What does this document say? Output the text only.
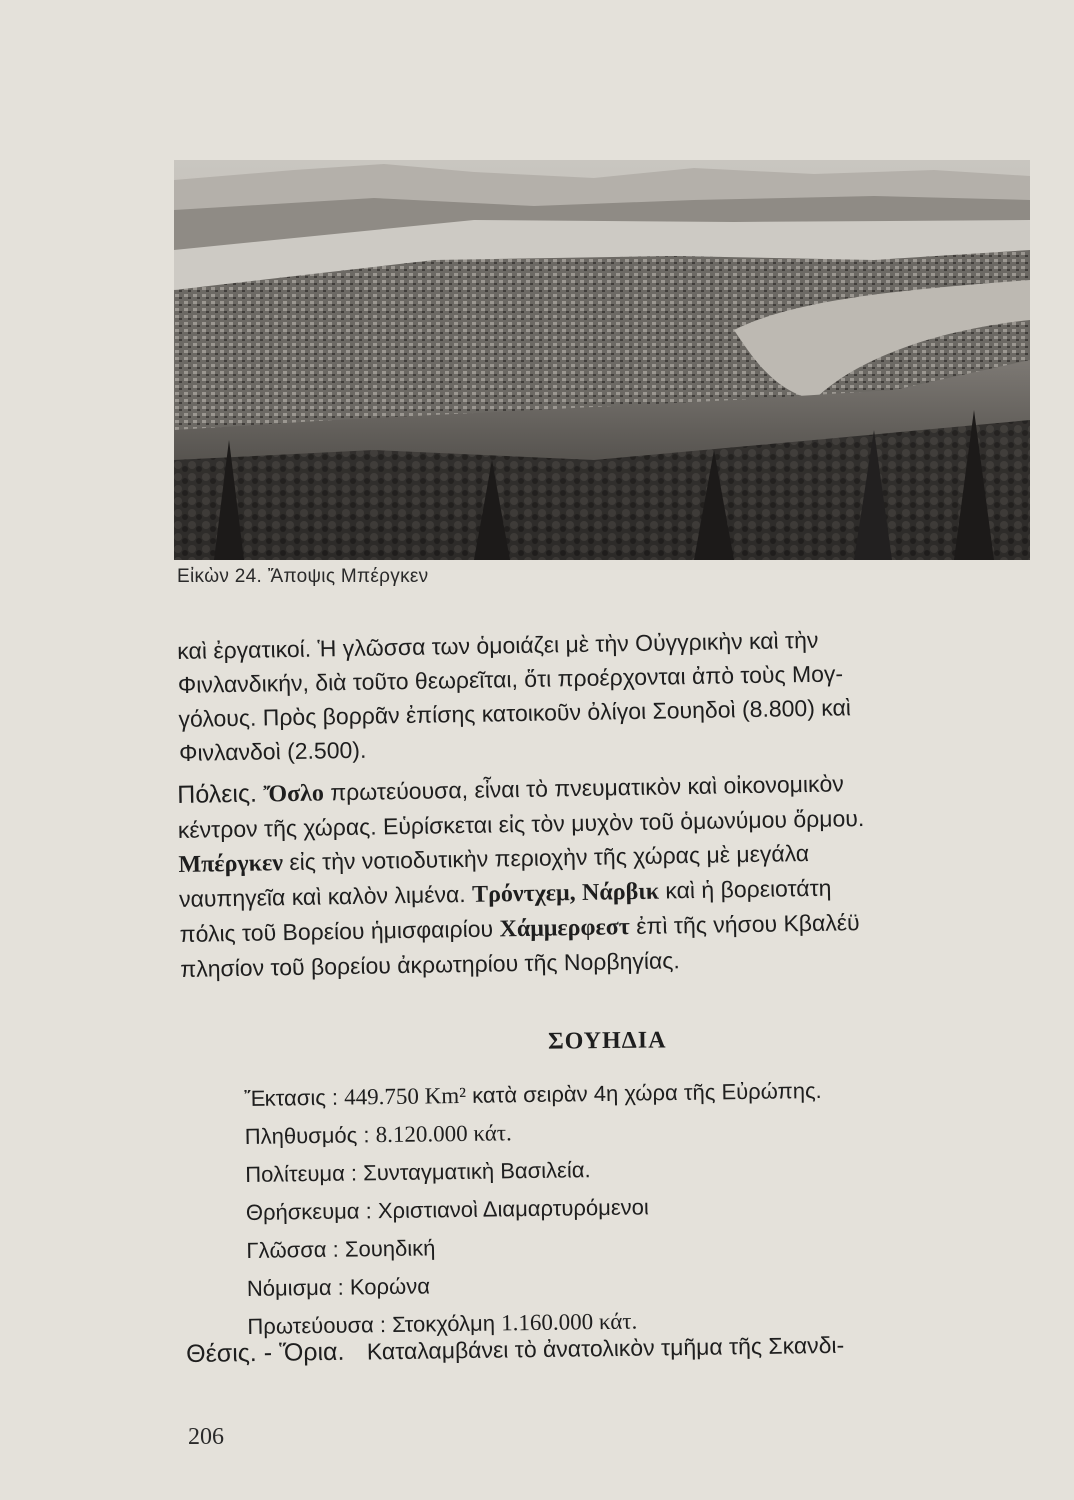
Εἰκὼν 24. Ἄποψις Μπέργκεν
καὶ ἐργατικοί. Ἡ γλῶσσα των ὁμοιάζει μὲ τὴν Οὐγγρικὴν καὶ τὴν
Φινλανδικήν, διὰ τοῦτο θεωρεῖται, ὅτι προέρχονται ἀπὸ τοὺς Μογ-
γόλους. Πρὸς βορρᾶν ἐπίσης κατοικοῦν ὀλίγοι Σουηδοὶ (8.800) καὶ
Φινλανδοὶ (2.500).
Πόλεις. Ὄσλο πρωτεύουσα, εἶναι τὸ πνευματικὸν καὶ οἰκονομικὸν
κέντρον τῆς χώρας. Εὑρίσκεται εἰς τὸν μυχὸν τοῦ ὁμωνύμου ὅρμου.
Μπέργκεν εἰς τὴν νοτιοδυτικὴν περιοχὴν τῆς χώρας μὲ μεγάλα
ναυπηγεῖα καὶ καλὸν λιμένα. Τρόντχεμ, Νάρβικ καὶ ἡ βορειοτάτη
πόλις τοῦ Βορείου ἡμισφαιρίου Χάμμερφεστ ἐπὶ τῆς νήσου Κβαλέϋ
πλησίον τοῦ βορείου ἀκρωτηρίου τῆς Νορβηγίας.
ΣΟΥΗΔΙΑ
Ἔκτασις : 449.750 Km² κατὰ σειρὰν 4η χώρα τῆς Εὐρώπης.
Πληθυσμός : 8.120.000 κάτ.
Πολίτευμα : Συνταγματικὴ Βασιλεία.
Θρήσκευμα : Χριστιανοὶ Διαμαρτυρόμενοι
Γλῶσσα : Σουηδική
Νόμισμα : Κορώνα
Πρωτεύουσα : Στοκχόλμη 1.160.000 κάτ.
Θέσις. - Ὅρια. Καταλαμβάνει τὸ ἀνατολικὸν τμῆμα τῆς Σκανδι-
206
